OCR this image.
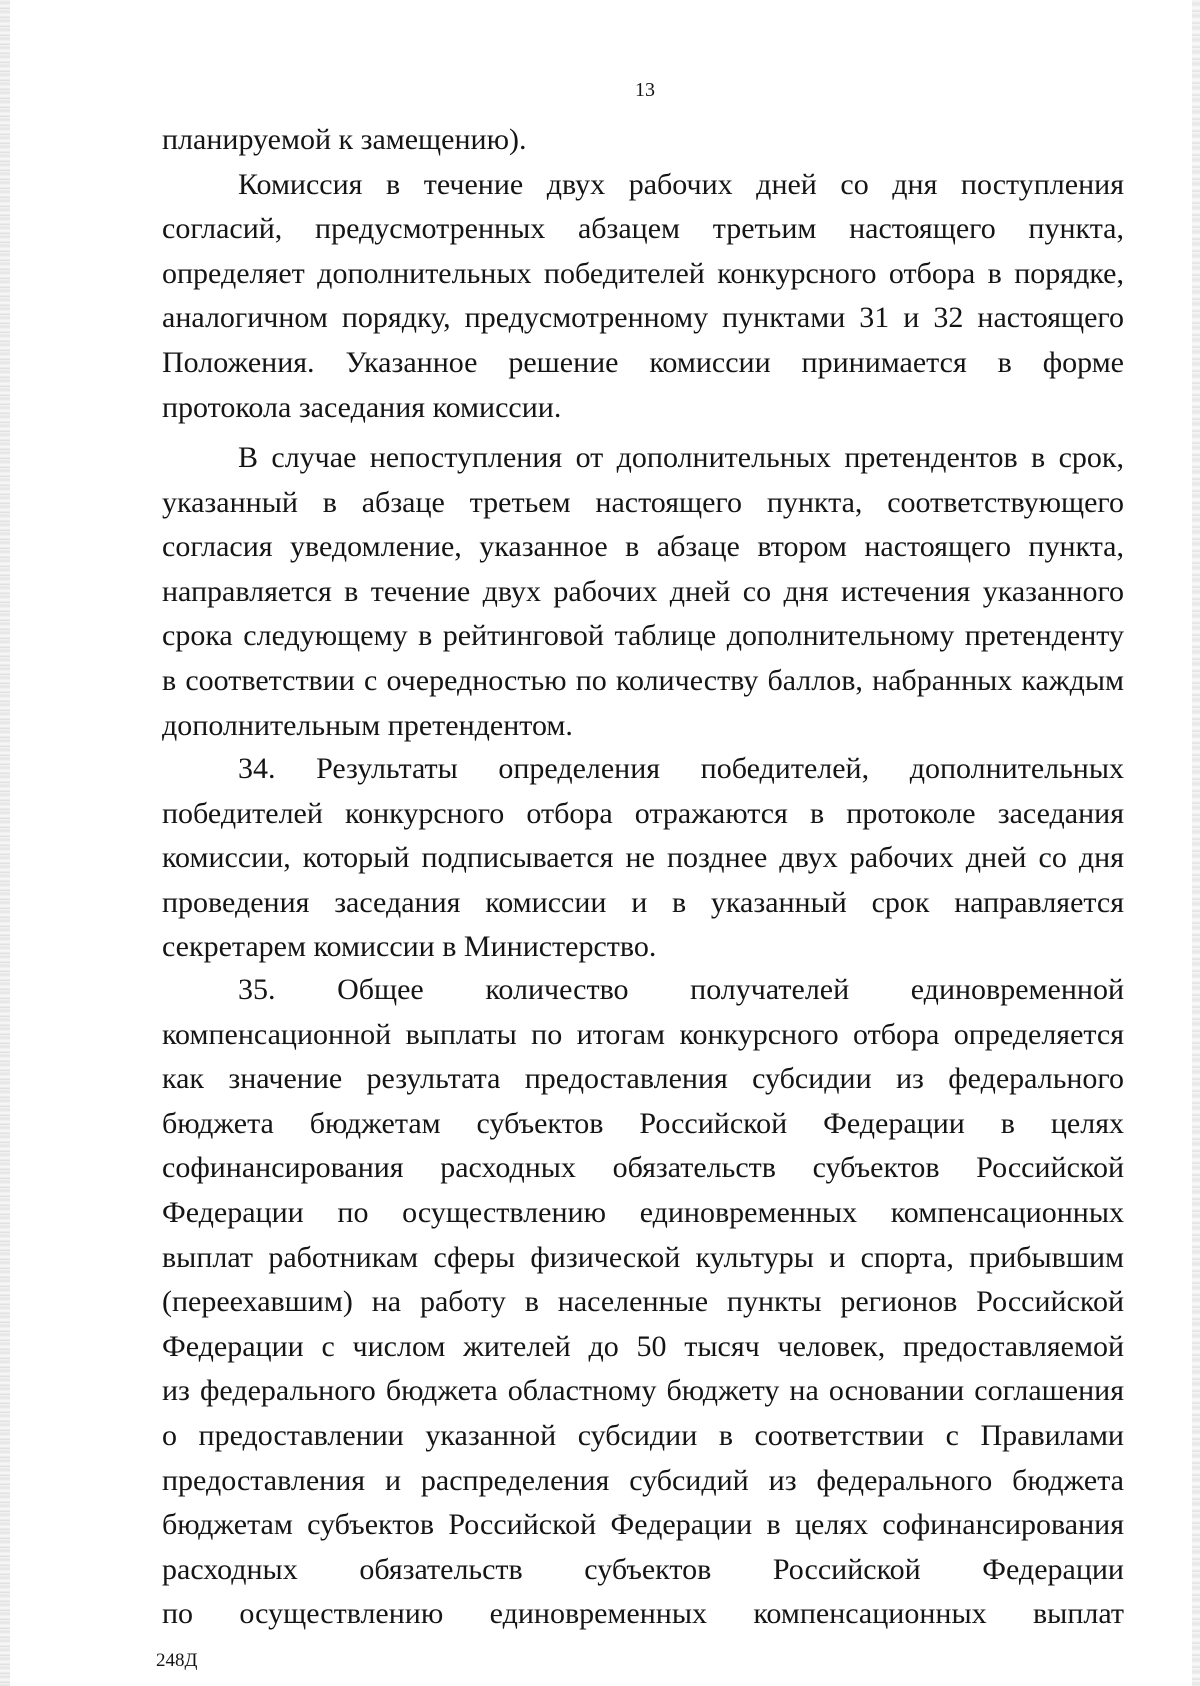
13
планируемой к замещению).
Комиссия в течение двух рабочих дней со дня поступления
согласий, предусмотренных абзацем третьим настоящего пункта,
определяет дополнительных победителей конкурсного отбора в порядке,
аналогичном порядку, предусмотренному пунктами 31 и 32 настоящего
Положения. Указанное решение комиссии принимается в форме
протокола заседания комиссии.
В случае непоступления от дополнительных претендентов в срок,
указанный в абзаце третьем настоящего пункта, соответствующего
согласия уведомление, указанное в абзаце втором настоящего пункта,
направляется в течение двух рабочих дней со дня истечения указанного
срока следующему в рейтинговой таблице дополнительному претенденту
в соответствии с очередностью по количеству баллов, набранных каждым
дополнительным претендентом.
34. Результаты определения победителей, дополнительных
победителей конкурсного отбора отражаются в протоколе заседания
комиссии, который подписывается не позднее двух рабочих дней со дня
проведения заседания комиссии и в указанный срок направляется
секретарем комиссии в Министерство.
35. Общее количество получателей единовременной
компенсационной выплаты по итогам конкурсного отбора определяется
как значение результата предоставления субсидии из федерального
бюджета бюджетам субъектов Российской Федерации в целях
софинансирования расходных обязательств субъектов Российской
Федерации по осуществлению единовременных компенсационных
выплат работникам сферы физической культуры и спорта, прибывшим
(переехавшим) на работу в населенные пункты регионов Российской
Федерации с числом жителей до 50 тысяч человек, предоставляемой
из федерального бюджета областному бюджету на основании соглашения
о предоставлении указанной субсидии в соответствии с Правилами
предоставления и распределения субсидий из федерального бюджета
бюджетам субъектов Российской Федерации в целях софинансирования
расходных обязательств субъектов Российской Федерации
по осуществлению единовременных компенсационных выплат
248Д
